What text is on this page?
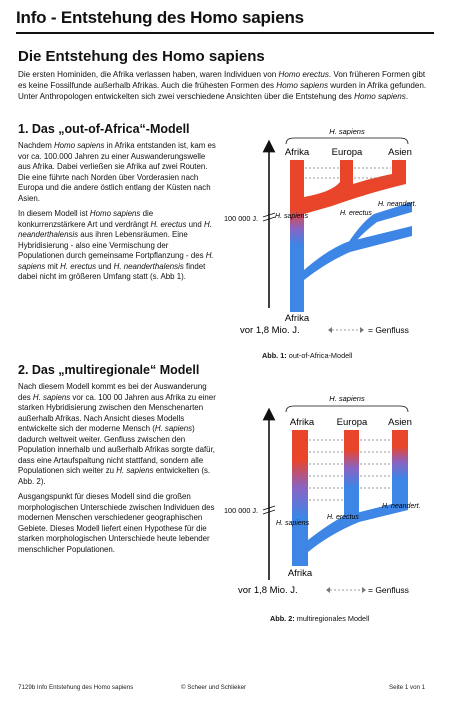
Info - Entstehung des Homo sapiens
Die Entstehung des Homo sapiens
Die ersten Hominiden, die Afrika verlassen haben, waren Individuen von Homo erectus. Von früheren Formen gibt es keine Fossilfunde außerhalb Afrikas. Auch die frühesten Formen des Homo sapiens wurden in Afrika gefunden. Unter Anthropologen entwickelten sich zwei verschiedene Ansichten über die Entstehung des Homo sapiens.
1. Das „out-of-Africa“-Modell

Nachdem Homo sapiens in Afrika entstanden ist, kam es vor ca. 100.000 Jahren zu einer Auswanderungswelle aus Afrika. Dabei verließen sie Afrika auf zwei Routen. Die eine führte nach Norden über Vorderasien nach Europa und die andere östlich entlang der Küsten nach Asien.

In diesem Modell ist Homo sapiens die konkurrenzstärkere Art und verdrängt H. erectus und H. neanderthalensis aus ihren Lebensräumen. Eine Hybridisierung - also eine Vermischung der Populationen durch gemeinsame Fortpflanzung - des H. sapiens mit H. erectus und H. neanderthalensis findet dabei nicht im größeren Umfang statt (s. Abb 1).

H. sapiens
Afrika Europa	Asien
H. sapiens	H. erectus
H. neandert.
100 000 J.
Afrika
vor 1,8 Mio. J.	= Genfluss
Abb. 1: out-of-Africa-Modell
2. Das „multiregionale“ Modell

Nach diesem Modell kommt es bei der Auswanderung des H. sapiens vor ca. 100 00 Jahren aus Afrika zu einer starken Hybridisierung zwischen den Menschenarten außerhalb Afrikas. Nach Ansicht dieses Modells entwickelte sich der moderne Mensch (H. sapiens) dadurch weltweit weiter. Genfluss zwischen den Population innerhalb und außerhalb Afrikas sorgte dafür, dass eine Artaufspaltung nicht stattfand, sondern alle Populationen sich weiter zu H. sapiens entwickelten (s. Abb. 2).

Ausgangspunkt für dieses Modell sind die großen morphologischen Unterschiede zwischen Individuen des modernen Menschen verschiedener geographischen Gebiete. Dieses Modell liefert einen Hypothese für die starken morphologischen Unterschiede heute lebender menschlicher Populationen.

H. sapiens
Afrika Europa Asien
100 000 J.
H. sapiens
H. erectus
H. neandert.
Afrika
vor 1,8 Mio. J.	= Genfluss
Abb. 2: multiregionales Modell
7129b Info Entstehung des Homo sapiens	© Scheer und Schlieker	Seite 1 von 1
